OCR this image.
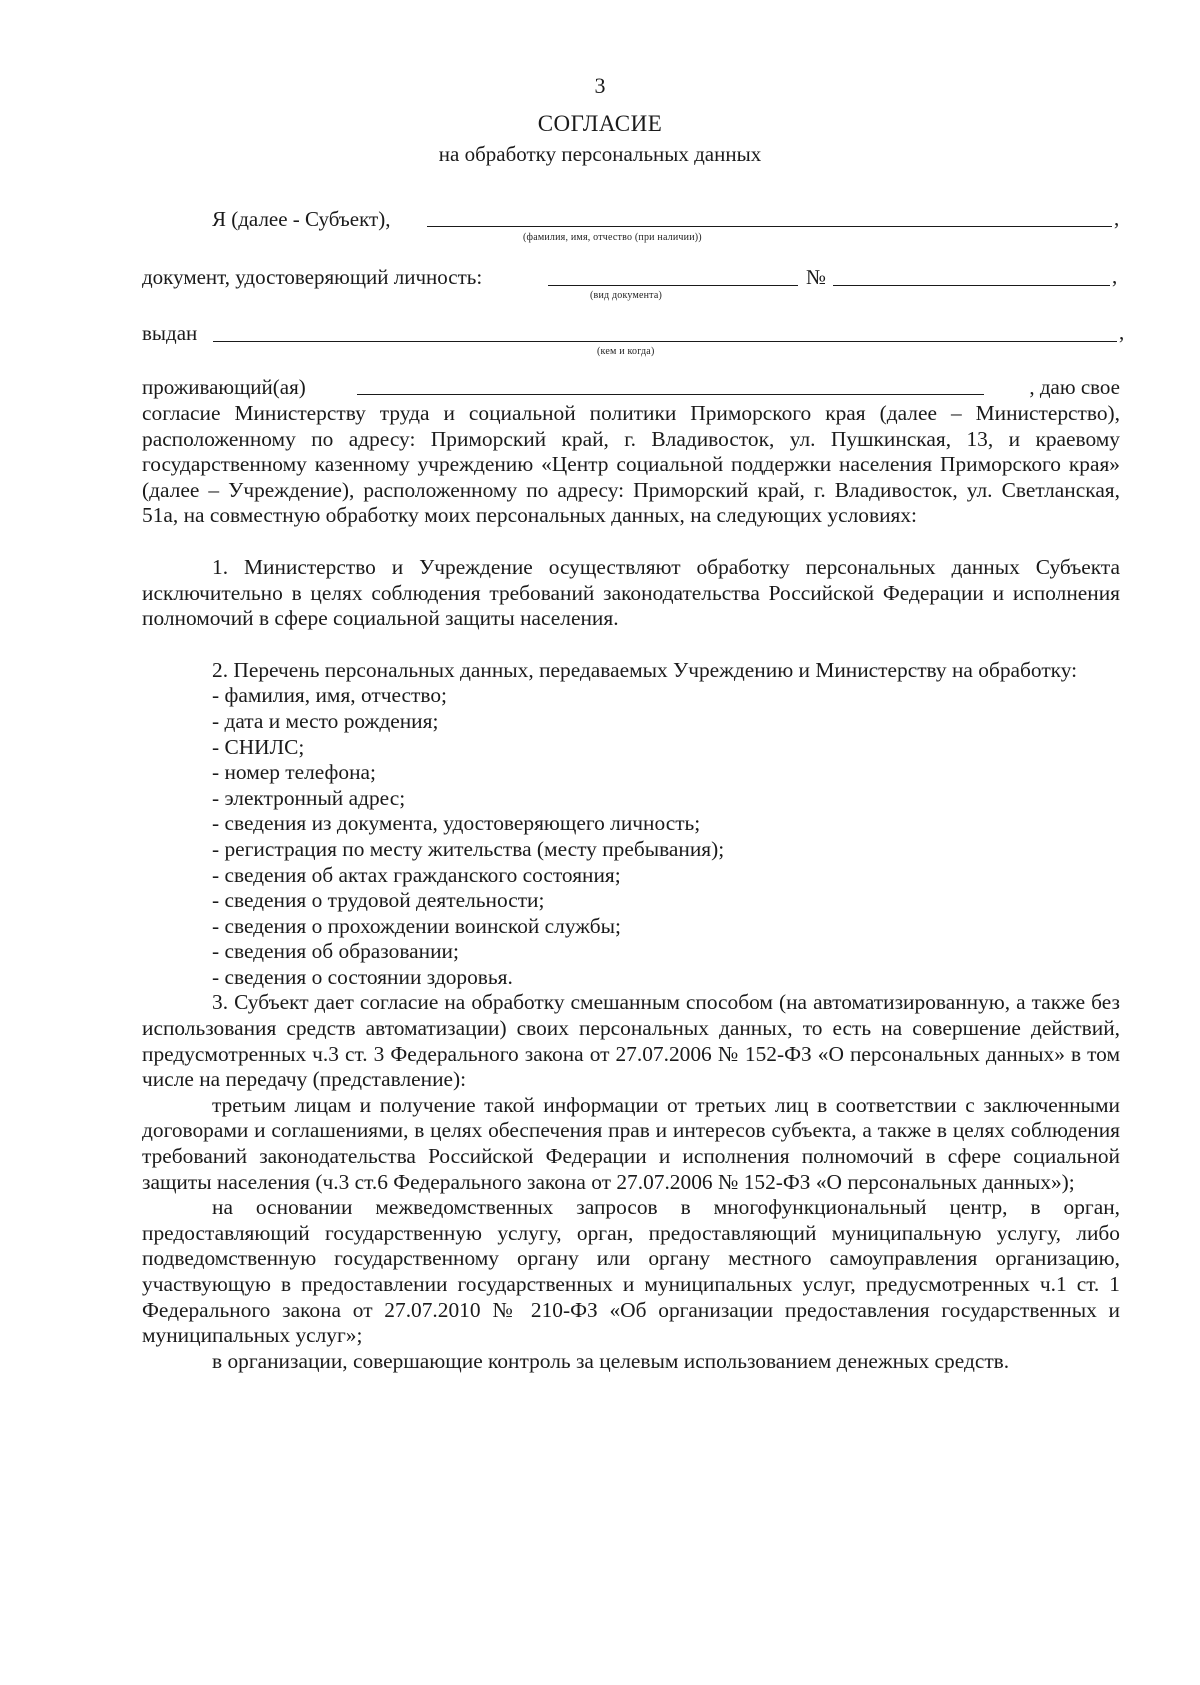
3
СОГЛАСИЕ
на обработку персональных данных
Я (далее - Субъект),	,
(фамилия, имя, отчество (при наличии))
документ, удостоверяющий личность:	№	,
(вид документа)
выдан	,
(кем и когда)
проживающий(ая)	, даю свое

согласие Министерству труда и социальной политики Приморского края (далее – Министерство), расположенному по адресу: Приморский край, г. Владивосток, ул. Пушкинская, 13, и краевому государственному казенному учреждению «Центр социальной поддержки населения Приморского края» (далее – Учреждение), расположенному по адресу: Приморский край, г. Владивосток, ул. Светланская, 51а, на совместную обработку моих персональных данных, на следующих условиях:

1. Министерство и Учреждение осуществляют обработку персональных данных Субъекта исключительно в целях соблюдения требований законодательства Российской Федерации и исполнения полномочий в сфере социальной защиты населения.

2. Перечень персональных данных, передаваемых Учреждению и Министерству на обработку:

- фамилия, имя, отчество;
- дата и место рождения;
- СНИЛС;
- номер телефона;
- электронный адрес;
- сведения из документа, удостоверяющего личность;
- регистрация по месту жительства (месту пребывания);
- сведения об актах гражданского состояния;
- сведения о трудовой деятельности;
- сведения о прохождении воинской службы;
- сведения об образовании;
- сведения о состоянии здоровья.

3. Субъект дает согласие на обработку смешанным способом (на автоматизированную, а также без использования средств автоматизации) своих персональных данных, то есть на совершение действий, предусмотренных ч.3 ст. 3 Федерального закона от 27.07.2006 № 152-ФЗ «О персональных данных» в том числе на передачу (представление):

третьим лицам и получение такой информации от третьих лиц в соответствии с заключенными договорами и соглашениями, в целях обеспечения прав и интересов субъекта, а также в целях соблюдения требований законодательства Российской Федерации и исполнения полномочий в сфере социальной защиты населения (ч.3 ст.6 Федерального закона от 27.07.2006 № 152-ФЗ «О персональных данных»);

на основании межведомственных запросов в многофункциональный центр, в орган, предоставляющий государственную услугу, орган, предоставляющий муниципальную услугу, либо подведомственную государственному органу или органу местного самоуправления организацию, участвующую в предоставлении государственных и муниципальных услуг, предусмотренных ч.1 ст. 1 Федерального закона от 27.07.2010 № 210-ФЗ «Об организации предоставления государственных и муниципальных услуг»;

в организации, совершающие контроль за целевым использованием денежных средств.
